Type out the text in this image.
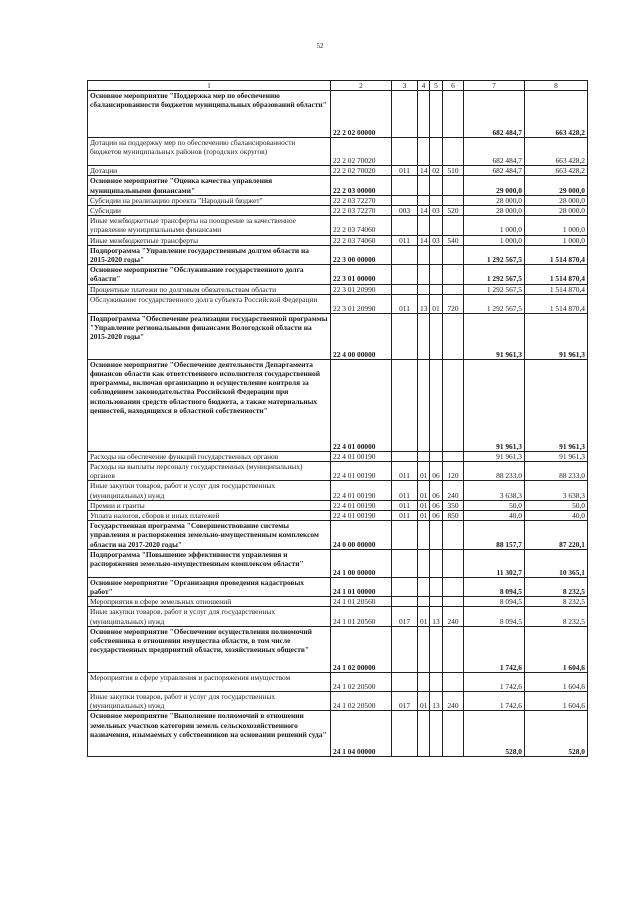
52
1	2	3	4	5	6	7	8
Основное мероприятие "Поддержка мер по обеспечению сбалансированности бюджетов муниципальных образований области"	22 2 02 00000					682 484,7	663 428,2
Дотации на поддержку мер по обеспечению сбалансированности бюджетов муниципальных районов (городских округов)	22 2 02 70020					682 484,7	663 428,2
Дотации	22 2 02 70020	011	14	02	510	682 484,7	663 428,2
Основное мероприятие "Оценка качества управления муниципальными финансами"	22 2 03 00000					29 000,0	29 000,0
Субсидии на реализацию проекта "Народный бюджет"	22 2 03 72270					28 000,0	28 000,0
Субсидии	22 2 03 72270	003	14	03	520	28 000,0	28 000,0
Иные межбюджетные трансферты на поощрение за качественное управление муниципальными финансами	22 2 03 74060					1 000,0	1 000,0
Иные межбюджетные трансферты	22 2 03 74060	011	14	03	540	1 000,0	1 000,0
Подпрограмма "Управление государственным долгом области на 2015-2020 годы"	22 3 00 00000					1 292 567,5	1 514 870,4
Основное мероприятие "Обслуживание государственного долга области"	22 3 01 00000					1 292 567,5	1 514 870,4
Процентные платежи по долговым обязательствам области	22 3 01 20990					1 292 567,5	1 514 870,4
Обслуживание государственного долга субъекта Российской Федерации	22 3 01 20990	011	13	01	720	1 292 567,5	1 514 870,4
Подпрограмма "Обеспечение реализации государственной программы "Управление региональными финансами Вологодской области на 2015-2020 годы"	22 4 00 00000					91 961,3	91 961,3
Основное мероприятие "Обеспечение деятельности Департамента финансов области как ответственного исполнителя государственной программы, включая организацию и осуществление контроля за соблюдением законодательства Российской Федерации при использовании средств областного бюджета, а также материальных ценностей, находящихся в областной собственности"	22 4 01 00000					91 961,3	91 961,3
Расходы на обеспечение функций государственных органов	22 4 01 00190					91 961,3	91 961,3
Расходы на выплаты персоналу государственных (муниципальных) органов	22 4 01 00190	011	01	06	120	88 233,0	88 233,0
Иные закупки товаров, работ и услуг для государственных (муниципальных) нужд	22 4 01 00190	011	01	06	240	3 638,3	3 638,3
Премии и гранты	22 4 01 00190	011	01	06	350	50,0	50,0
Уплата налогов, сборов и иных платежей	22 4 01 00190	011	01	06	850	40,0	40,0
Государственная программа "Совершенствование системы управления и распоряжения земельно-имущественным комплексом области на 2017-2020 годы"	24 0 00 00000					88 157,7	87 220,1
Подпрограмма "Повышение эффективности управления и распоряжения земельно-имущественным комплексом области"	24 1 00 00000					11 302,7	10 365,1
Основное мероприятие "Организация проведения кадастровых работ"	24 1 01 00000					8 094,5	8 232,5
Мероприятия в сфере земельных отношений	24 1 01 20560					8 094,5	8 232,5
Иные закупки товаров, работ и услуг для государственных (муниципальных) нужд	24 1 01 20560	017	01	13	240	8 094,5	8 232,5
Основное мероприятие "Обеспечение осуществления полномочий собственника в отношении имущества области, в том числе государственных предприятий области, хозяйственных обществ"	24 1 02 00000					1 742,6	1 604,6
Мероприятия в сфере управления и распоряжения имуществом	24 1 02 20500					1 742,6	1 604,6
Иные закупки товаров, работ и услуг для государственных (муниципальных) нужд	24 1 02 20500	017	01	13	240	1 742,6	1 604,6
Основное мероприятие "Выполнение полномочий в отношении земельных участков категории земель сельскохозяйственного назначения, изымаемых у собственников на основании решений суда"	24 1 04 00000					528,0	528,0
